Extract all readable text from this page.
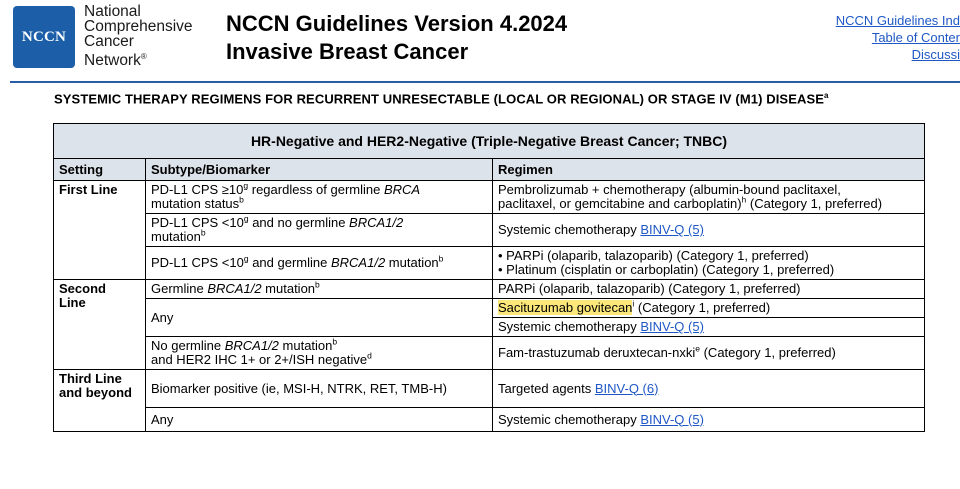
NCCN
National
Comprehensive
Cancer
Network®
NCCN Guidelines Version 4.2024
Invasive Breast Cancer
NCCN Guidelines Ind
Table of Conter
Discussi
SYSTEMIC THERAPY REGIMENS FOR RECURRENT UNRESECTABLE (LOCAL OR REGIONAL) OR STAGE IV (M1) DISEASE$^a$
HR-Negative and HER2-Negative (Triple-Negative Breast Cancer; TNBC)		
Setting	Subtype/Biomarker	Regimen
First Line	PD-L1 CPS $\ge 10^g$ regardless of germline BRCA
mutation status$^b$	Pembrolizumab + chemotherapy (albumin-bound paclitaxel,
paclitaxel, or gemcitabine and carboplatin)$^h$ (Category 1, preferred)
	PD-L1 CPS $<10^g$ and no germline BRCA1/2
mutation$^b$	Systemic chemotherapy BINV-Q (5)
	PD-L1 CPS $<10^g$ and germline BRCA1/2 mutation$^b$	• PARPi (olaparib, talazoparib) (Category 1, preferred)
• Platinum (cisplatin or carboplatin) (Category 1, preferred)
Second
Line	Germline BRCA1/2 mutation$^b$	PARPi (olaparib, talazoparib) (Category 1, preferred)
	Any	Sacituzumab govitecan$^i$ (Category 1, preferred)
		Systemic chemotherapy BINV-Q (5)
	No germline BRCA1/2 mutation$^b$
and HER2 IHC 1+ or 2+/ISH negative$^d$	Fam-trastuzumab deruxtecan-nxki$^e$ (Category 1, preferred)
Third Line
and beyond	Biomarker positive (ie, MSI-H, NTRK, RET, TMB-H)	Targeted agents BINV-Q (6)
	Any	Systemic chemotherapy BINV-Q (5)
